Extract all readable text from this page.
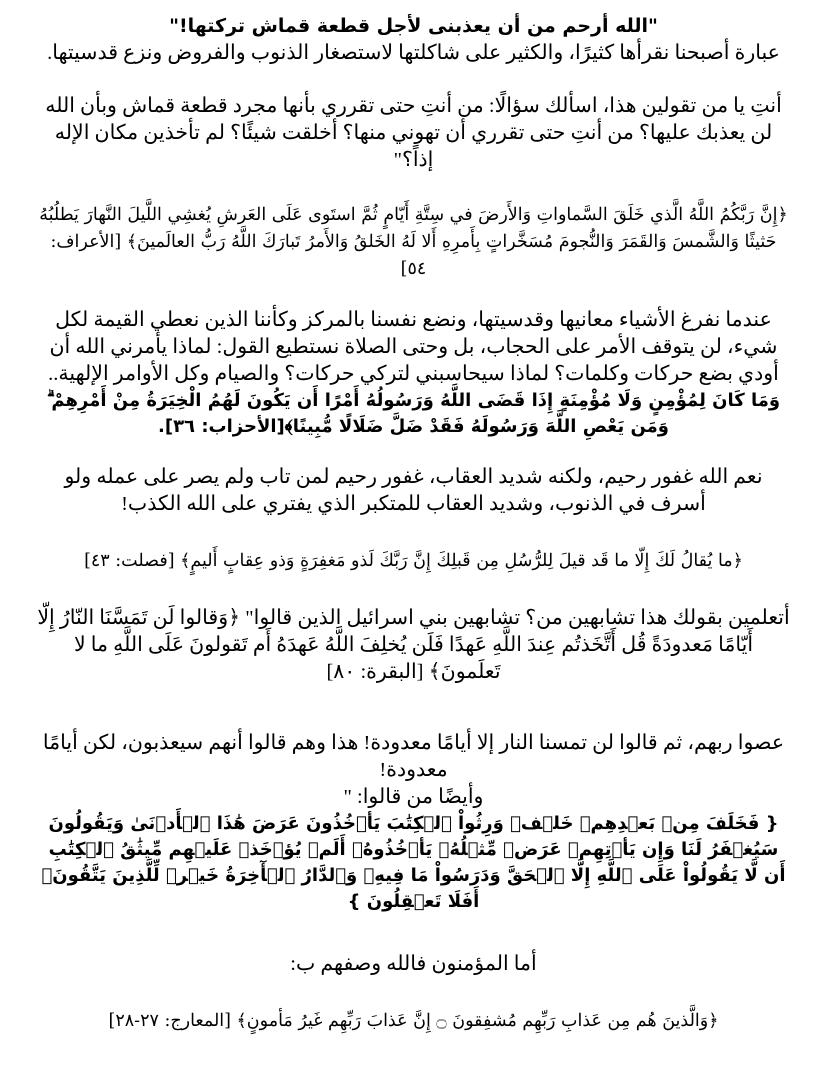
"الله أرحم من أن يعذبنى لأجل قطعة قماش تركتها!"

عبارة أصبحنا نقرأها كثيرًا، والكثير على شاكلتها لاستصغار الذنوب والفروض ونزع قدسيتها.

أنتِ يا من تقولين هذا، اسألك سؤالًا: من أنتِ حتى تقرري بأنها مجرد قطعة قماش وبأن الله لن يعذبك عليها؟ من أنتِ حتى تقرري أن تهوني منها؟ أخلقت شيئًا؟ لم تأخذين مكان الإله إذاً؟"

﴿إِنَّ رَبَّكُمُ اللَّهُ الَّذي خَلَقَ السَّماواتِ وَالأَرضَ في سِتَّةِ أَيّامٍ ثُمَّ استَوى عَلَى العَرشِ يُغشِي اللَّيلَ النَّهارَ يَطلُبُهُ حَثيثًا وَالشَّمسَ وَالقَمَرَ وَالنُّجومَ مُسَخَّراتٍ بِأَمرِهِ أَلا لَهُ الخَلقُ وَالأَمرُ تَبارَكَ اللَّهُ رَبُّ العالَمينَ﴾ [الأعراف: ٥٤]

عندما نفرغ الأشياء معانيها وقدسيتها، ونضع نفسنا بالمركز وكأننا الذين نعطي القيمة لكل شيء، لن يتوقف الأمر على الحجاب، بل وحتى الصلاة نستطيع القول: لماذا يأمرني الله أن أودي بضع حركات وكلمات؟ لماذا سيحاسبني لترکي حركات؟ والصيام وكل الأوامر الإلهية..

وَمَا كَانَ لِمُؤْمِنٍ وَلَا مُؤْمِنَةٍ إِذَا قَضَى اللَّهُ وَرَسُولُهُ أَمْرًا أَن يَكُونَ لَهُمُ الْخِيَرَةُ مِنْ أَمْرِهِمْ ۗ وَمَن يَعْصِ اللَّهَ وَرَسُولَهُ فَقَدْ ضَلَّ ضَلَالًا مُّبِينًا﴾[الأحزاب: ٣٦].

نعم الله غفور رحيم، ولكنه شديد العقاب، غفور رحيم لمن تاب ولم يصر على عمله ولو أسرف في الذنوب، وشديد العقاب للمتكبر الذي يفتري على الله الكذب!

﴿ما يُقالُ لَكَ إِلّا ما قَد قيلَ لِلرُّسُلِ مِن قَبلِكَ إِنَّ رَبَّكَ لَذو مَغفِرَةٍ وَذو عِقابٍ أَليمٍ﴾ [فصلت: ٤٣]

أتعلمين بقولك هذا تشابهين من؟ تشابهين بني اسرائيل الذين قالوا" ﴿وَقالوا لَن تَمَسَّنَا النّارُ إِلّا أَيّامًا مَعدودَةً قُل أَتَّخَذتُم عِندَ اللَّهِ عَهدًا فَلَن يُخلِفَ اللَّهُ عَهدَهُ أَم تَقولونَ عَلَى اللَّهِ ما لا تَعلَمونَ﴾ [البقرة: ٨٠]

عصوا ربهم، ثم قالوا لن تمسنا النار إلا أيامًا معدودة! هذا وهم قالوا أنهم سيعذبون، لكن أيامًا معدودة!

وأيضًا من قالوا: "

{ فَخَلَفَ مِنۢ بَعۡدِهِمۡ خَلۡفٞ وَرِثُواْ ٱلۡكِتَٰبَ يَأۡخُذُونَ عَرَضَ هَٰذَا ٱلۡأَدۡنَىٰ وَيَقُولُونَ سَيُغۡفَرُ لَنَا وَإِن يَأۡتِهِمۡ عَرَضٞ مِّثۡلُهُۥ يَأۡخُذُوهُۚ أَلَمۡ يُؤۡخَذۡ عَلَيۡهِم مِّيثَٰقُ ٱلۡكِتَٰبِ أَن لَّا يَقُولُواْ عَلَى ٱللَّهِ إِلَّا ٱلۡحَقَّ وَدَرَسُواْ مَا فِيهِۗ وَٱلدَّارُ ٱلۡأٓخِرَةُ خَيۡرٞ لِّلَّذِينَ يَتَّقُونَۚ أَفَلَا تَعۡقِلُونَ }

أما المؤمنون فالله وصفهم ب:

﴿وَالَّذينَ هُم مِن عَذابِ رَبِّهِم مُشفِقونَ ۝ إِنَّ عَذابَ رَبِّهِم غَيرُ مَأمونٍ﴾ [المعارج: ٢٧-٢٨]
